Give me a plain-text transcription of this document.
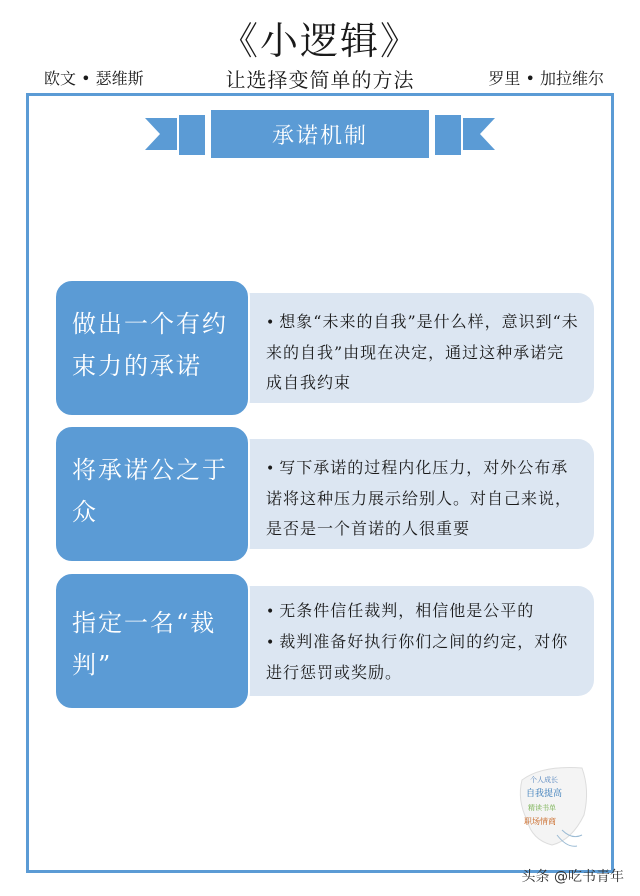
《小逻辑》
欧文 • 瑟维斯	让选择变简单的方法	罗里 • 加拉维尔
承诺机制
做出一个有约束力的承诺
• 想象“未来的自我”是什么样，意识到“未来的自我”由现在决定，通过这种承诺完成自我约束
将承诺公之于众
• 写下承诺的过程内化压力，对外公布承诺将这种压力展示给别人。对自己来说，是否是一个首诺的人很重要
指定一名“裁判”
• 无条件信任裁判，相信他是公平的
• 裁判准备好执行你们之间的约定，对你进行惩罚或奖励。
个人成长
自我提高
精读书单
职场情商
头条 @吃书青年
